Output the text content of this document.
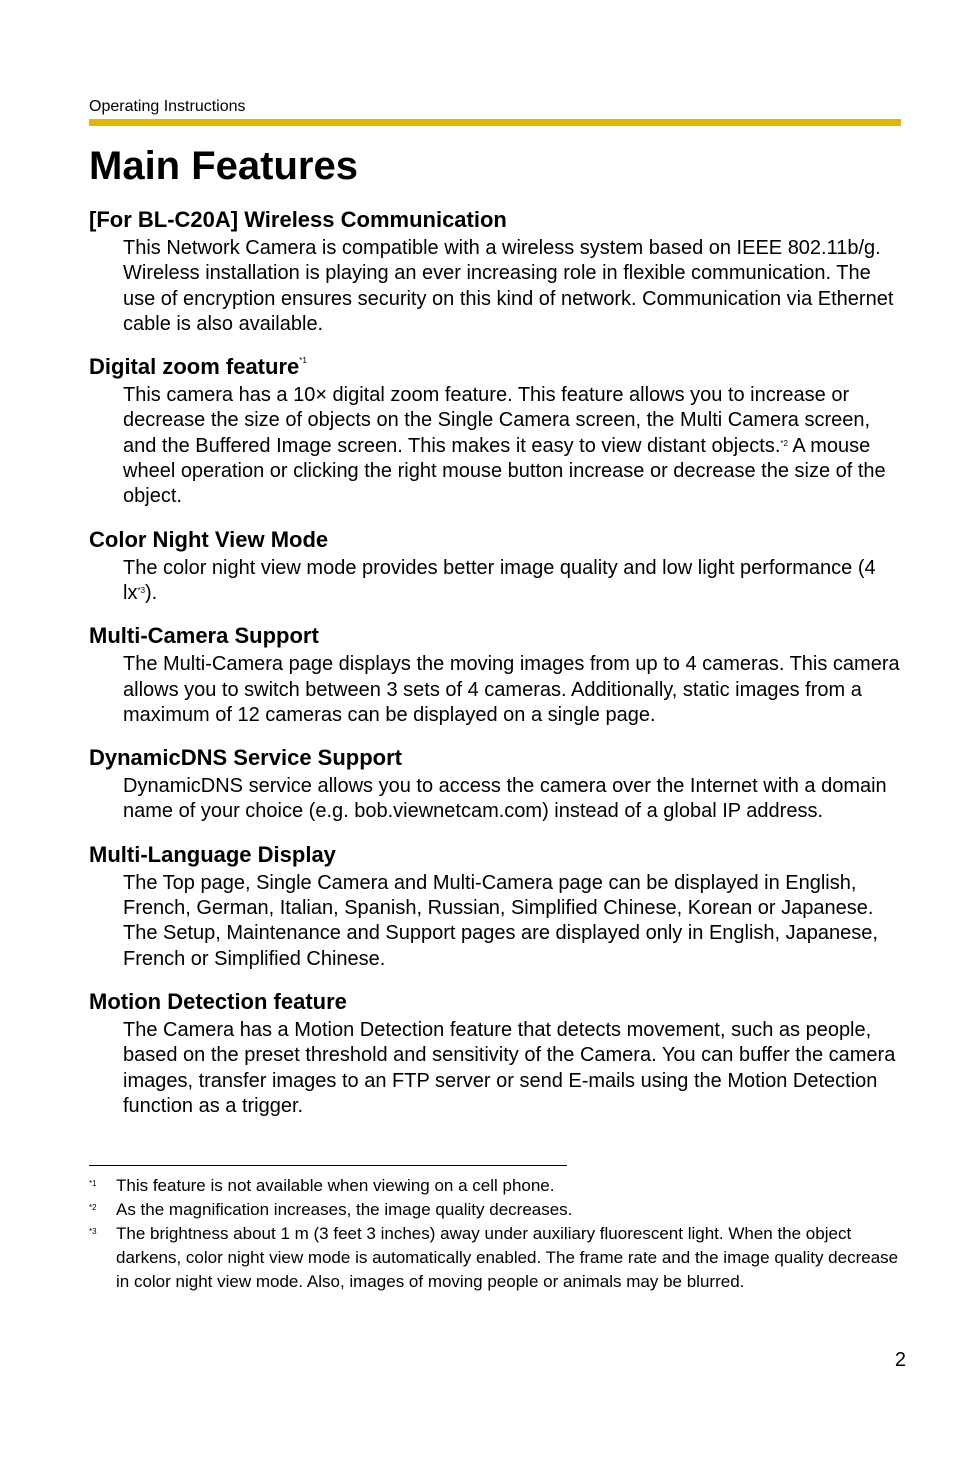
Operating Instructions
Main Features
[For BL-C20A] Wireless Communication

This Network Camera is compatible with a wireless system based on IEEE 802.11b/g. Wireless installation is playing an ever increasing role in flexible communication. The use of encryption ensures security on this kind of network. Communication via Ethernet cable is also available.

Digital zoom feature$^{*1}$

This camera has a 10× digital zoom feature. This feature allows you to increase or decrease the size of objects on the Single Camera screen, the Multi Camera screen, and the Buffered Image screen. This makes it easy to view distant objects.$^{*2}$ A mouse wheel operation or clicking the right mouse button increase or decrease the size of the object.

Color Night View Mode

The color night view mode provides better image quality and low light performance (4 $lx^{*3}$).

Multi-Camera Support

The Multi-Camera page displays the moving images from up to 4 cameras. This camera allows you to switch between 3 sets of 4 cameras. Additionally, static images from a maximum of 12 cameras can be displayed on a single page.

DynamicDNS Service Support

DynamicDNS service allows you to access the camera over the Internet with a domain name of your choice (e.g. bob.viewnetcam.com) instead of a global IP address.

Multi-Language Display

The Top page, Single Camera and Multi-Camera page can be displayed in English, French, German, Italian, Spanish, Russian, Simplified Chinese, Korean or Japanese. The Setup, Maintenance and Support pages are displayed only in English, Japanese, French or Simplified Chinese.

Motion Detection feature

The Camera has a Motion Detection feature that detects movement, such as people, based on the preset threshold and sensitivity of the Camera. You can buffer the camera images, transfer images to an FTP server or send E-mails using the Motion Detection function as a trigger.

*1 This feature is not available when viewing on a cell phone.

*2 As the magnification increases, the image quality decreases.

*3 The brightness about 1 m (3 feet 3 inches) away under auxiliary fluorescent light. When the object darkens, color night view mode is automatically enabled. The frame rate and the image quality decrease in color night view mode. Also, images of moving people or animals may be blurred.

2
